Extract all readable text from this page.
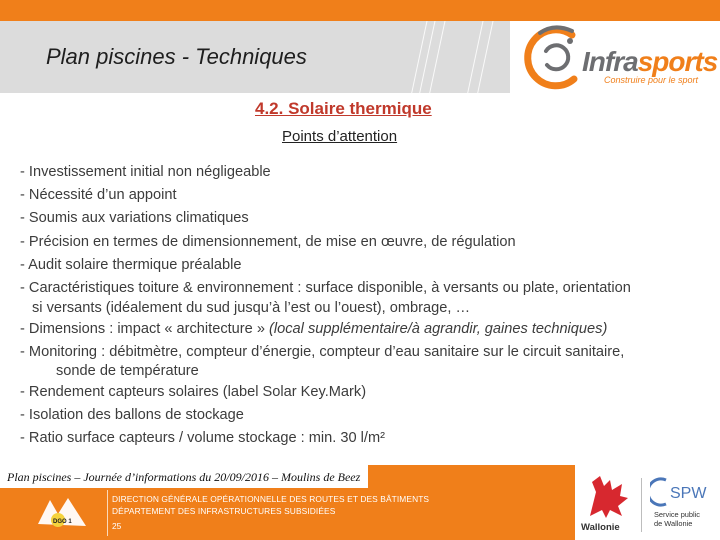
Plan piscines - Techniques	Infrasports
Construire pour le sport
4.2. Solaire thermique
Points d’attention
- Investissement initial non négligeable
- Nécessité d’un appoint
- Soumis aux variations climatiques
- Précision en termes de dimensionnement, de mise en œuvre, de régulation
- Audit solaire thermique préalable
- Caractéristiques toiture & environnement : surface disponible, à versants ou plate, orientation
si versants (idéalement du sud jusqu’à l’est ou l’ouest), ombrage, …
- Dimensions : impact « architecture » (local supplémentaire/à agrandir, gaines techniques)
- Monitoring : débitmètre, compteur d’énergie, compteur d’eau sanitaire sur le circuit sanitaire,
sonde de température
- Rendement capteurs solaires (label Solar Key.Mark)
- Isolation des ballons de stockage
- Ratio surface capteurs / volume stockage : min. 30 l/m²
Plan piscines – Journée d’informations du 20/09/2016 – Moulins de Beez
DGO 1
DIRECTION GÉNÉRALE OPÉRATIONNELLE DES ROUTES ET DES BÂTIMENTS
DÉPARTEMENT DES INFRASTRUCTURES SUBSIDIÉES
25	Wallonie
SPW
Service public
de Wallonie
